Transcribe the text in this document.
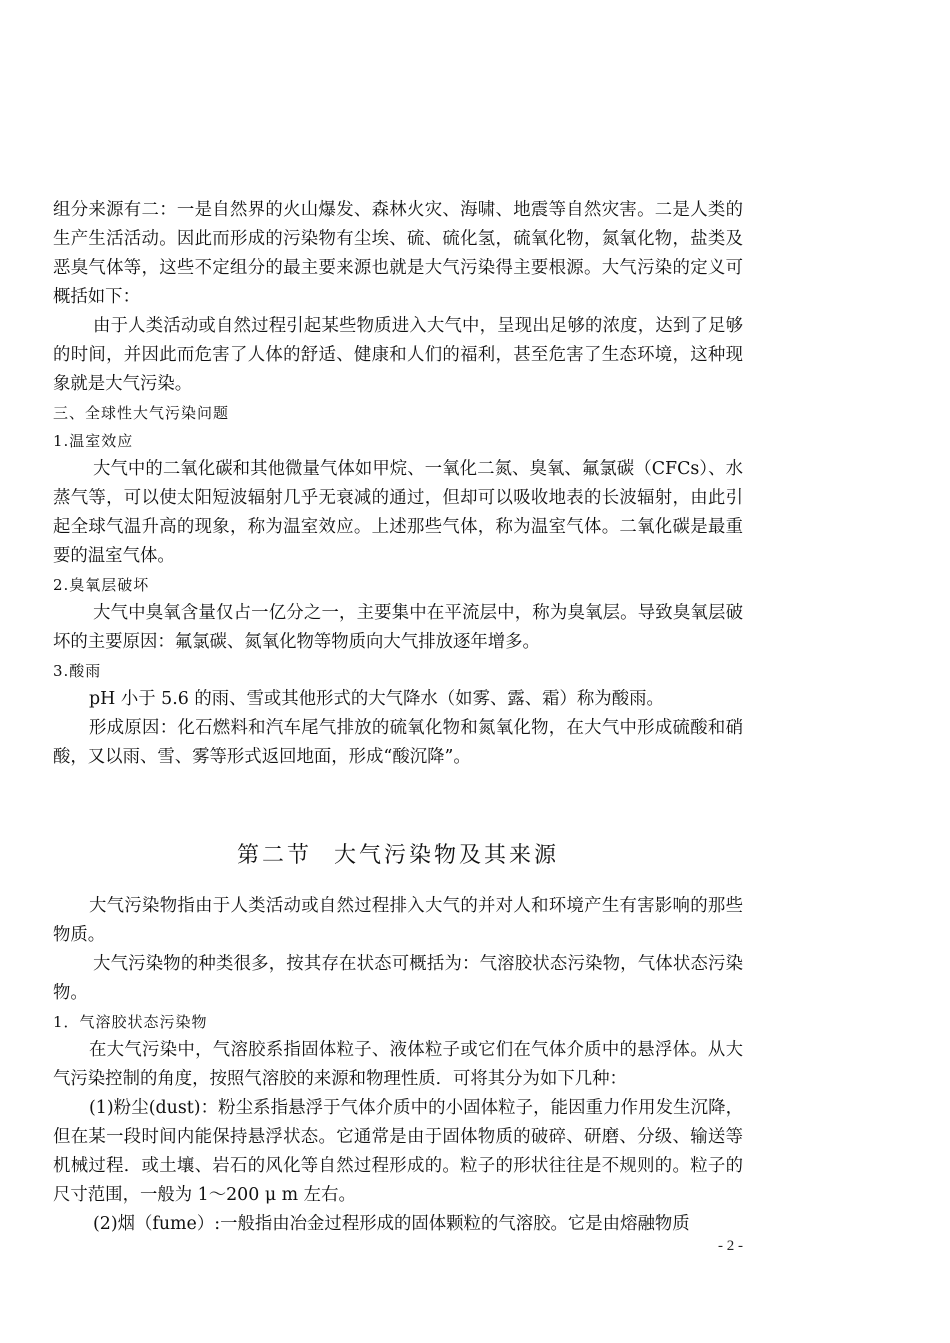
组分来源有二：一是自然界的火山爆发、森林火灾、海啸、地震等自然灾害。二是人类的生产生活活动。因此而形成的污染物有尘埃、硫、硫化氢，硫氧化物，氮氧化物，盐类及恶臭气体等，这些不定组分的最主要来源也就是大气污染得主要根源。大气污染的定义可概括如下：

由于人类活动或自然过程引起某些物质进入大气中，呈现出足够的浓度，达到了足够的时间，并因此而危害了人体的舒适、健康和人们的福利，甚至危害了生态环境，这种现象就是大气污染。

三、全球性大气污染问题

1.温室效应

大气中的二氧化碳和其他微量气体如甲烷、一氧化二氮、臭氧、氟氯碳（CFCs）、水蒸气等，可以使太阳短波辐射几乎无衰减的通过，但却可以吸收地表的长波辐射，由此引起全球气温升高的现象，称为温室效应。上述那些气体，称为温室气体。二氧化碳是最重要的温室气体。

2.臭氧层破坏

大气中臭氧含量仅占一亿分之一，主要集中在平流层中，称为臭氧层。导致臭氧层破坏的主要原因：氟氯碳、氮氧化物等物质向大气排放逐年增多。

3.酸雨

pH 小于 5.6 的雨、雪或其他形式的大气降水（如雾、露、霜）称为酸雨。

形成原因：化石燃料和汽车尾气排放的硫氧化物和氮氧化物，在大气中形成硫酸和硝酸，又以雨、雪、雾等形式返回地面，形成“酸沉降”。

第二节 大气污染物及其来源

大气污染物指由于人类活动或自然过程排入大气的并对人和环境产生有害影响的那些物质。

大气污染物的种类很多，按其存在状态可概括为：气溶胶状态污染物，气体状态污染物。

1．气溶胶状态污染物

在大气污染中，气溶胶系指固体粒子、液体粒子或它们在气体介质中的悬浮体。从大气污染控制的角度，按照气溶胶的来源和物理性质．可将其分为如下几种：

(1)粉尘(dust)：粉尘系指悬浮于气体介质中的小固体粒子，能因重力作用发生沉降，但在某一段时间内能保持悬浮状态。它通常是由于固体物质的破碎、研磨、分级、输送等机械过程．或土壤、岩石的风化等自然过程形成的。粒子的形状往往是不规则的。粒子的尺寸范围，一般为 1～200 μ m 左右。

(2)烟（fume）:一般指由冶金过程形成的固体颗粒的气溶胶。它是由熔融物质

- 2 -
